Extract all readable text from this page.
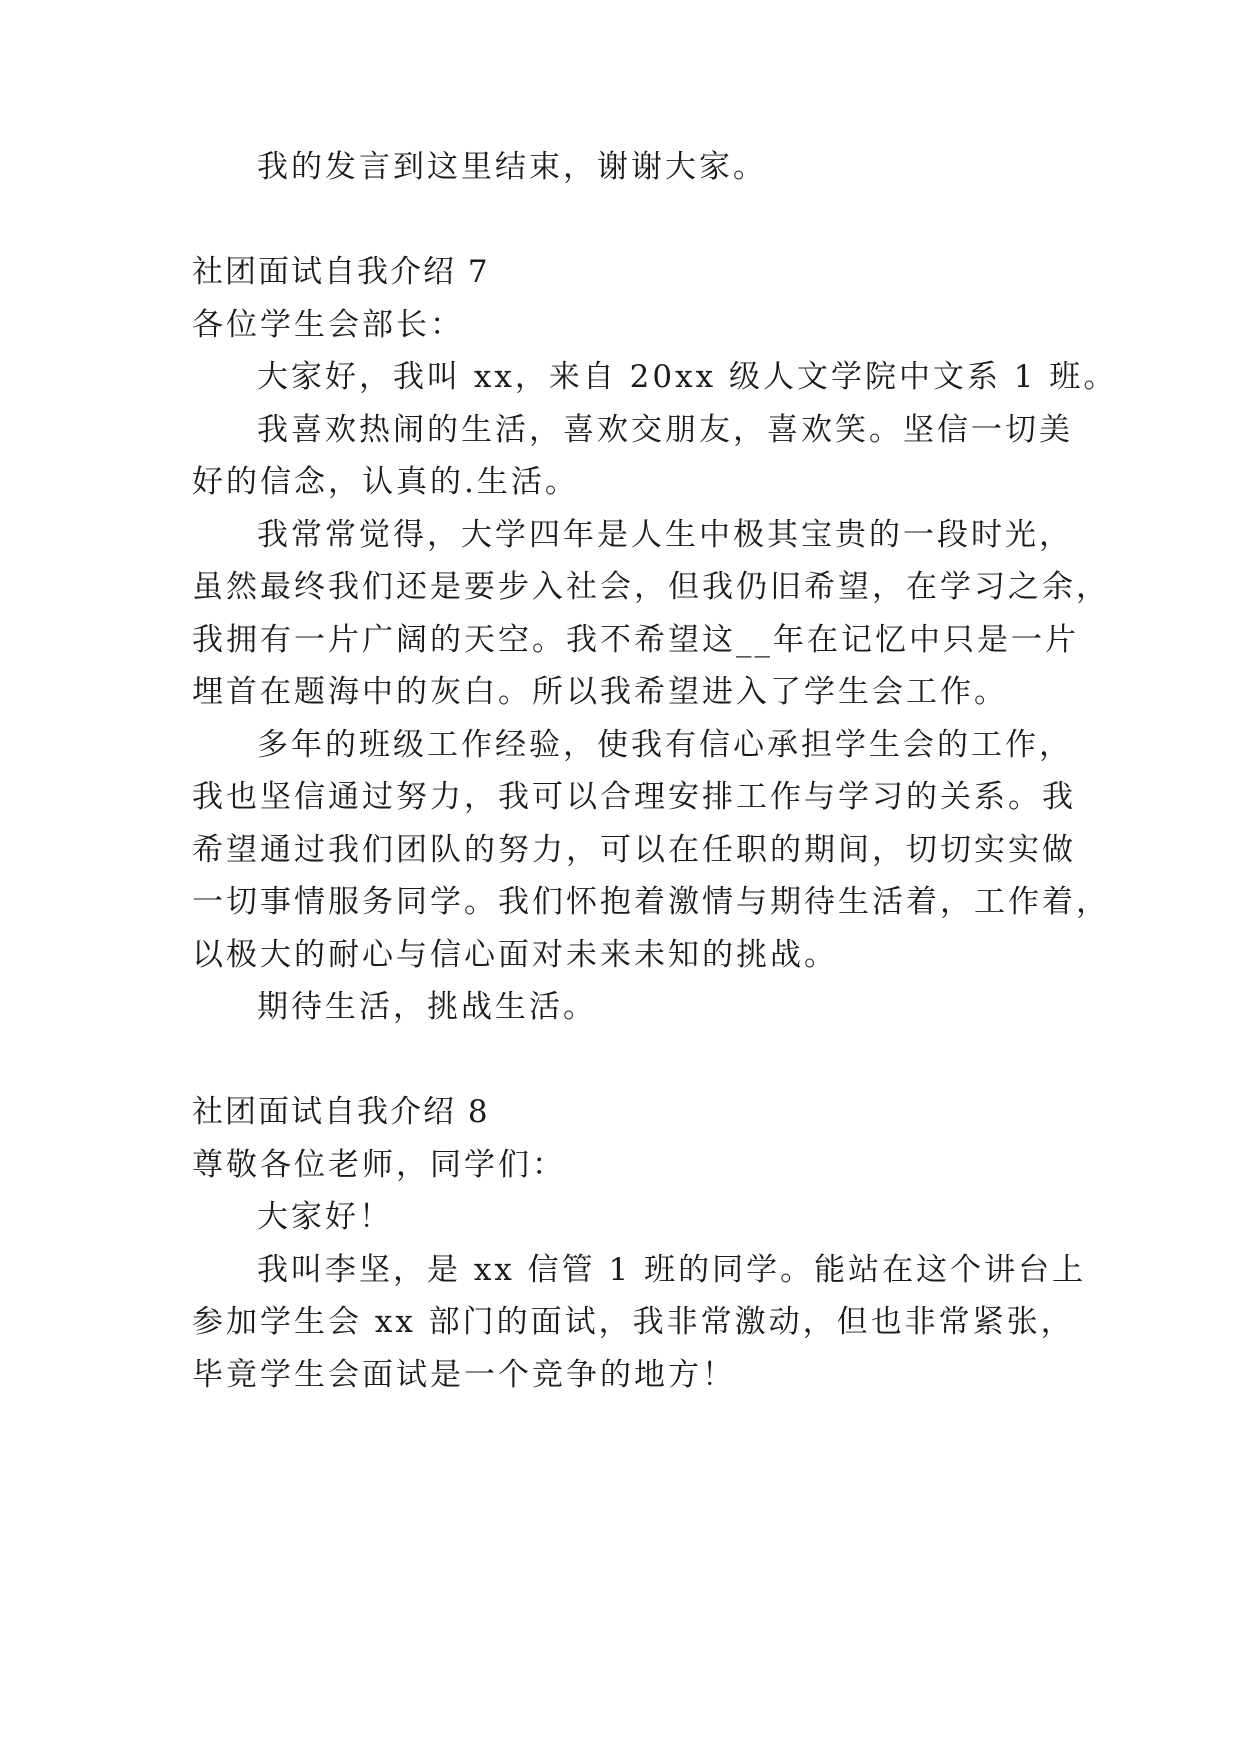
我的发言到这里结束，谢谢大家。
社团面试自我介绍 7
各位学生会部长：
大家好，我叫 xx，来自 20xx 级人文学院中文系 1 班。
我喜欢热闹的生活，喜欢交朋友，喜欢笑。坚信一切美
好的信念，认真的.生活。
我常常觉得，大学四年是人生中极其宝贵的一段时光，
虽然最终我们还是要步入社会，但我仍旧希望，在学习之余，
我拥有一片广阔的天空。我不希望这__年在记忆中只是一片
埋首在题海中的灰白。所以我希望进入了学生会工作。
多年的班级工作经验，使我有信心承担学生会的工作，
我也坚信通过努力，我可以合理安排工作与学习的关系。我
希望通过我们团队的努力，可以在任职的期间，切切实实做
一切事情服务同学。我们怀抱着激情与期待生活着，工作着，
以极大的耐心与信心面对未来未知的挑战。
期待生活，挑战生活。
社团面试自我介绍 8
尊敬各位老师，同学们：
大家好！
我叫李坚，是 xx 信管 1 班的同学。能站在这个讲台上
参加学生会 xx 部门的面试，我非常激动，但也非常紧张，
毕竟学生会面试是一个竞争的地方！
